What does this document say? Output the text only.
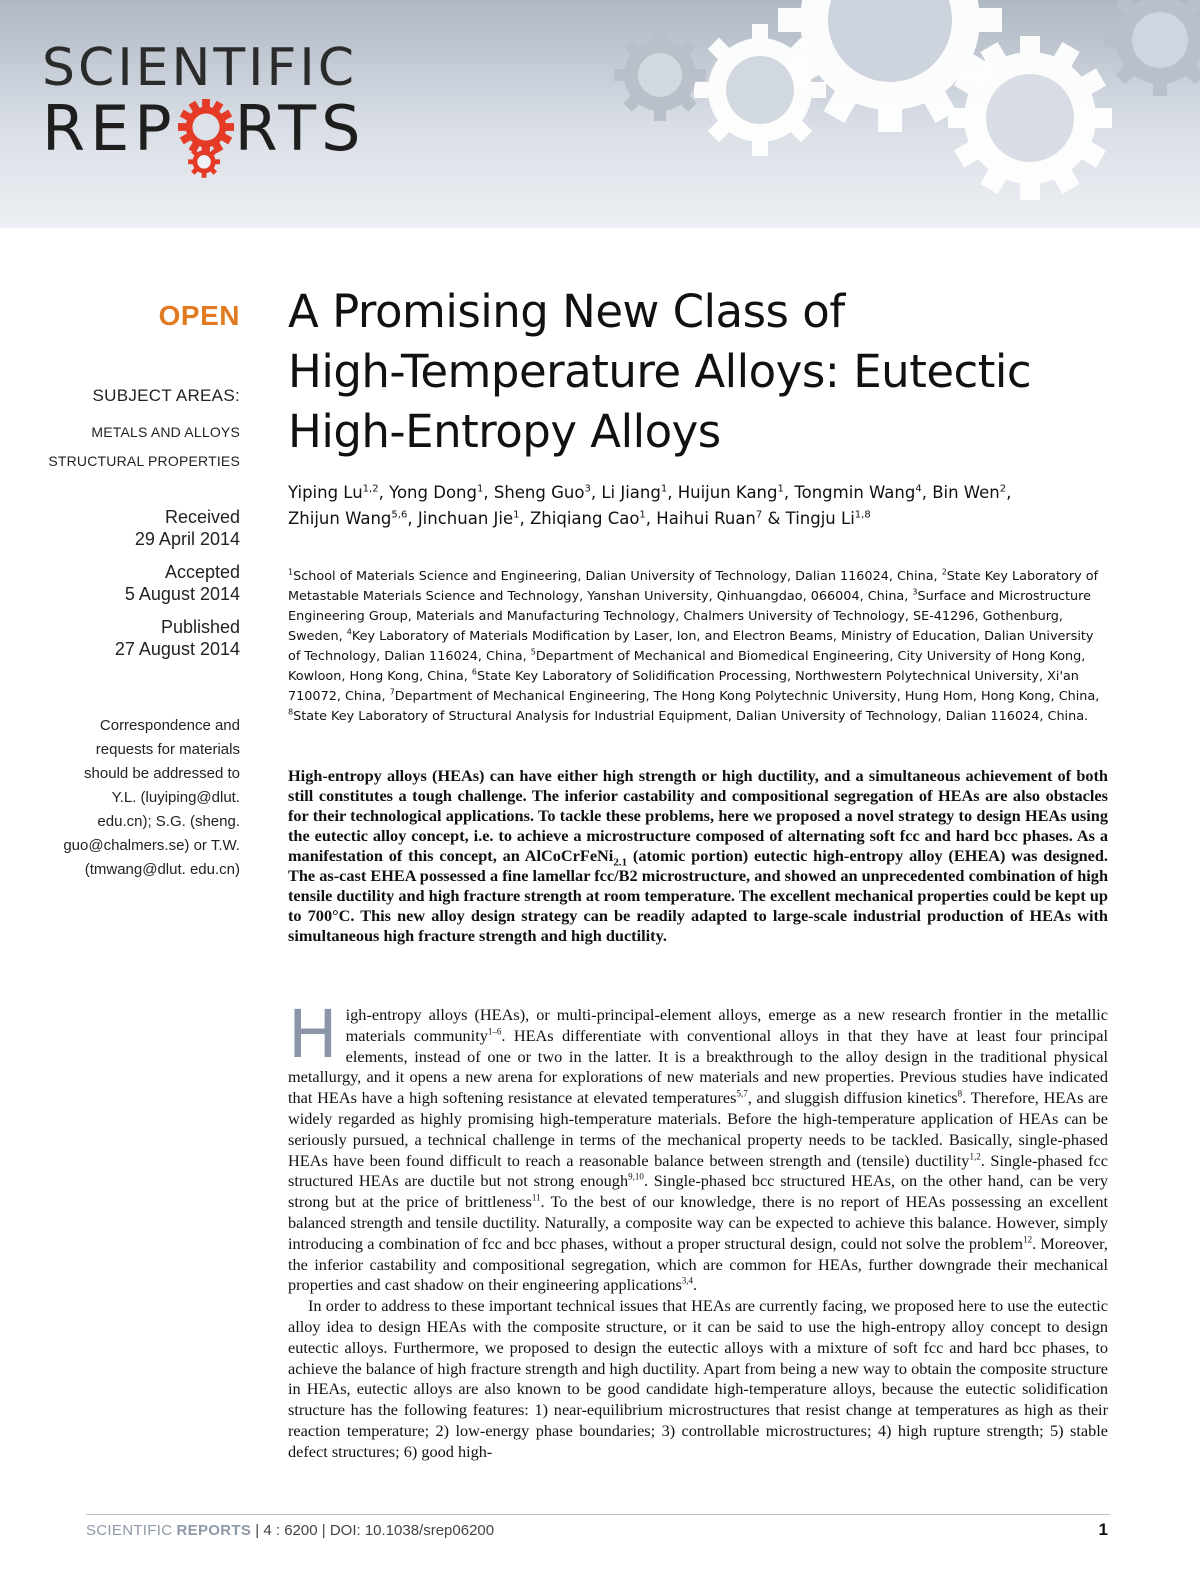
SCIENTIFIC
REP RTS
OPEN
SUBJECT AREAS:
METALS AND ALLOYS
STRUCTURAL PROPERTIES
Received
29 April 2014
Accepted
5 August 2014
Published
27 August 2014
Correspondence and requests for materials should be addressed to Y.L. (luyiping@dlut. edu.cn); S.G. (sheng. guo@chalmers.se) or T.W. (tmwang@dlut. edu.cn)
A Promising New Class of
High-Temperature Alloys: Eutectic
High-Entropy Alloys
Yiping Lu$^{1,2}$, Yong Dong$^1$, Sheng Guo$^3$, Li Jiang$^1$, Huijun Kang$^1$, Tongmin Wang$^4$, Bin Wen$^2$,
Zhijun Wang$^{5,6}$, Jinchuan Jie$^1$, Zhiqiang Cao$^1$, Haihui Ruan$^7$ & Tingju Li$^{1,8}$
$^1$School of Materials Science and Engineering, Dalian University of Technology, Dalian 116024, China, $^2$State Key Laboratory of Metastable Materials Science and Technology, Yanshan University, Qinhuangdao, 066004, China, $^3$Surface and Microstructure Engineering Group, Materials and Manufacturing Technology, Chalmers University of Technology, SE-41296, Gothenburg, Sweden, $^4$Key Laboratory of Materials Modification by Laser, Ion, and Electron Beams, Ministry of Education, Dalian University of Technology, Dalian 116024, China, $^5$Department of Mechanical and Biomedical Engineering, City University of Hong Kong, Kowloon, Hong Kong, China, $^6$State Key Laboratory of Solidification Processing, Northwestern Polytechnical University, Xi'an 710072, China, $^7$Department of Mechanical Engineering, The Hong Kong Polytechnic University, Hung Hom, Hong Kong, China, $^8$State Key Laboratory of Structural Analysis for Industrial Equipment, Dalian University of Technology, Dalian 116024, China.
High-entropy alloys (HEAs) can have either high strength or high ductility, and a simultaneous achievement of both still constitutes a tough challenge. The inferior castability and compositional segregation of HEAs are also obstacles for their technological applications. To tackle these problems, here we proposed a novel strategy to design HEAs using the eutectic alloy concept, i.e. to achieve a microstructure composed of alternating soft fcc and hard bcc phases. As a manifestation of this concept, an AlCoCrFeNi$_{2.1}$ (atomic portion) eutectic high-entropy alloy (EHEA) was designed. The as-cast EHEA possessed a fine lamellar fcc/B2 microstructure, and showed an unprecedented combination of high tensile ductility and high fracture strength at room temperature. The excellent mechanical properties could be kept up to 700°C. This new alloy design strategy can be readily adapted to large-scale industrial production of HEAs with simultaneous high fracture strength and high ductility.

High-entropy alloys (HEAs), or multi-principal-element alloys, emerge as a new research frontier in the metallic materials community$^{1-6}$. HEAs differentiate with conventional alloys in that they have at least four principal elements, instead of one or two in the latter. It is a breakthrough to the alloy design in the traditional physical metallurgy, and it opens a new arena for explorations of new materials and new properties. Previous studies have indicated that HEAs have a high softening resistance at elevated temperatures$^{5,7}$, and sluggish diffusion kinetics$^8$. Therefore, HEAs are widely regarded as highly promising high-temperature materials. Before the high-temperature application of HEAs can be seriously pursued, a technical challenge in terms of the mechanical property needs to be tackled. Basically, single-phased HEAs have been found difficult to reach a reasonable balance between strength and (tensile) ductility$^{1,2}$. Single-phased fcc structured HEAs are ductile but not strong enough$^{9,10}$. Single-phased bcc structured HEAs, on the other hand, can be very strong but at the price of brittleness$^{11}$. To the best of our knowledge, there is no report of HEAs possessing an excellent balanced strength and tensile ductility. Naturally, a composite way can be expected to achieve this balance. However, simply introducing a combination of fcc and bcc phases, without a proper structural design, could not solve the problem$^{12}$. Moreover, the inferior castability and compositional segregation, which are common for HEAs, further downgrade their mechanical properties and cast shadow on their engineering applications$^{3,4}$.

In order to address to these important technical issues that HEAs are currently facing, we proposed here to use the eutectic alloy idea to design HEAs with the composite structure, or it can be said to use the high-entropy alloy concept to design eutectic alloys. Furthermore, we proposed to design the eutectic alloys with a mixture of soft fcc and hard bcc phases, to achieve the balance of high fracture strength and high ductility. Apart from being a new way to obtain the composite structure in HEAs, eutectic alloys are also known to be good candidate high-temperature alloys, because the eutectic solidification structure has the following features: 1) near-equilibrium microstructures that resist change at temperatures as high as their reaction temperature; 2) low-energy phase boundaries; 3) controllable microstructures; 4) high rupture strength; 5) stable defect structures; 6) good high-

SCIENTIFIC REPORTS | 4 : 6200 | DOI: 10.1038/srep06200	1
